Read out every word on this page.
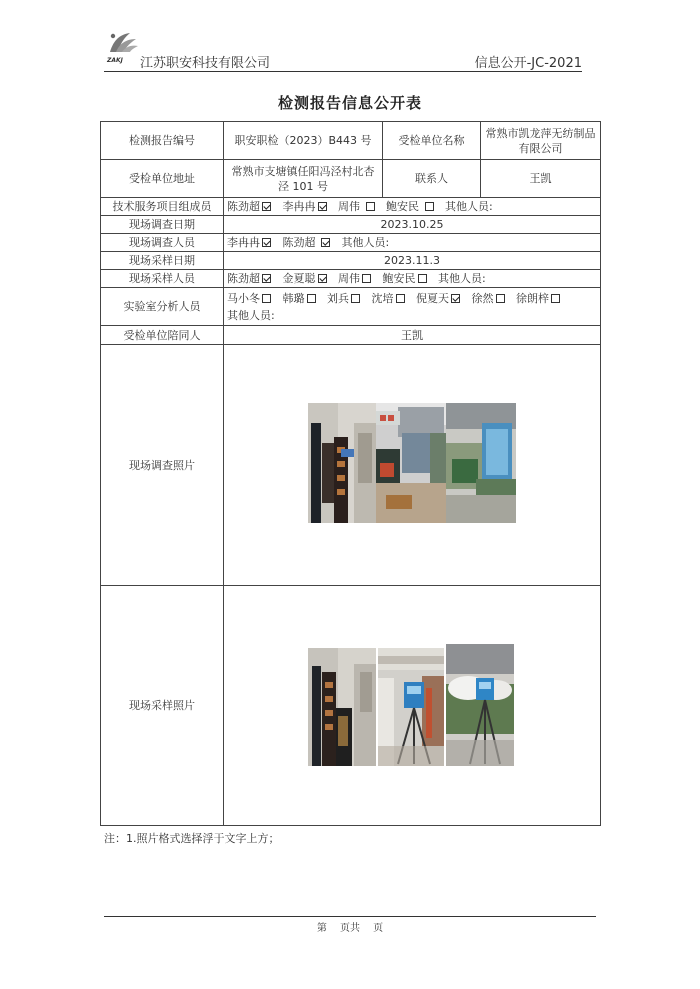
ZAKJ 江苏职安科技有限公司	信息公开-JC-2021
检测报告信息公开表
检测报告编号	职安职检（2023）B443 号	受检单位名称	常熟市凯龙萍无纺制品有限公司
受检单位地址	常熟市支塘镇任阳冯泾村北杏泾 101 号	联系人	王凯
技术服务项目组成员	陈劲超 李冉冉 周伟 鲍安民 其他人员:		
现场调查日期	2023.10.25		
现场调查人员	李冉冉 陈劲超 其他人员:		
现场采样日期	2023.11.3		
现场采样人员	陈劲超 金夏聪 周伟 鲍安民 其他人员:		
实验室分析人员	马小冬 韩璐 刘兵 沈培 倪夏天 徐然 徐朗梓
其他人员:		
受检单位陪同人	王凯		
现场调查照片	

现场采样照片	
注：1.照片格式选择浮于文字上方；
第 页共 页
